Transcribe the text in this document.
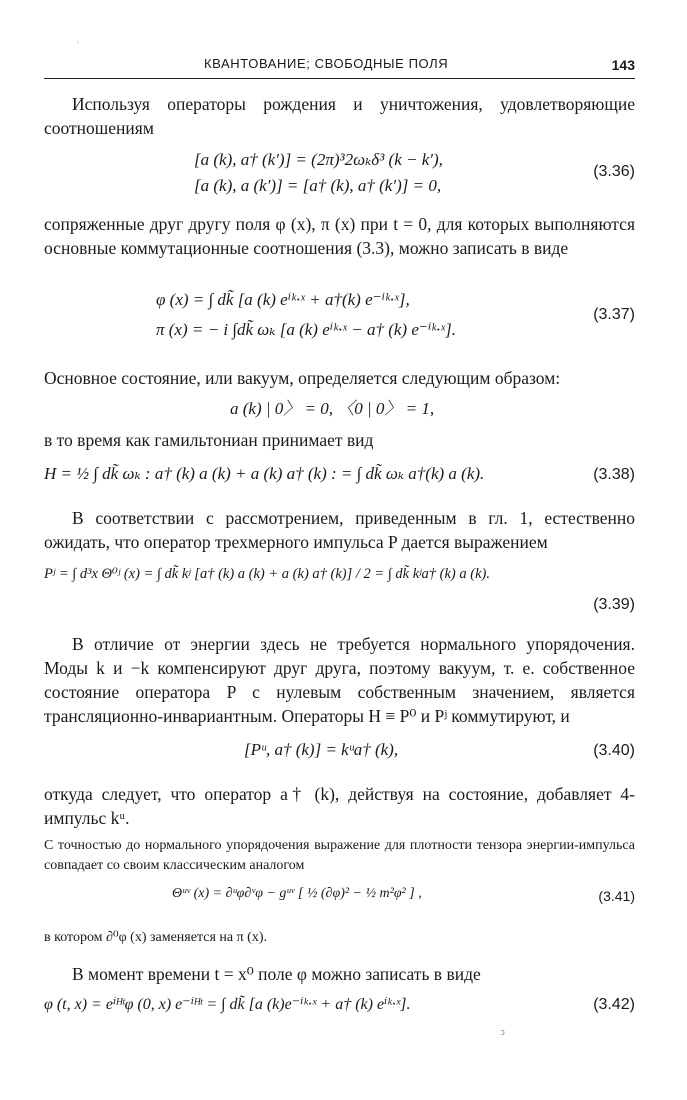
КВАНТОВАНИЕ; СВОБОДНЫЕ ПОЛЯ	143
ʾ

Используя операторы рождения и уничтожения, удовлетворяющие соотношениям

[a (k), a† (k′)] = (2π)³2ωₖδ³ (k − k′),
[a (k), a (k′)] = [a† (k), a† (k′)] = 0,
(3.36)

сопряженные друг другу поля φ (x), π (x) при t = 0, для которых выполняются основные коммутационные соотношения (3.3), можно записать в виде

φ (x) = ∫ dk̃ [a (k) eⁱᵏ·ˣ + a†(k) e⁻ⁱᵏ·ˣ],
π (x) = − i ∫dk̃ ωₖ [a (k) eⁱᵏ·ˣ − a† (k) e⁻ⁱᵏ·ˣ].
(3.37)

Основное состояние, или вакуум, определяется следующим образом:

a (k) | 0〉 = 0, 〈0 | 0〉 = 1,

в то время как гамильтониан принимает вид

H = ½ ∫ dk̃ ωₖ : a† (k) a (k) + a (k) a† (k) : = ∫ dk̃ ωₖ a†(k) a (k).	(3.38)

В соответствии с рассмотрением, приведенным в гл. 1, естественно ожидать, что оператор трехмерного импульса P дается выражением

Pʲ = ∫ d³x Θ⁰ʲ (x) = ∫ dk̃ kʲ [a† (k) a (k) + a (k) a† (k)] / 2 = ∫ dk̃ kʲa† (k) a (k).
(3.39)

В отличие от энергии здесь не требуется нормального упорядочения. Моды k и −k компенсируют друг друга, поэтому вакуум, т. е. собственное состояние оператора P с нулевым собственным значением, является трансляционно-инвариантным. Операторы H ≡ P⁰ и Pʲ коммутируют, и

[Pᵘ, a† (k)] = kᵘa† (k),	(3.40)

откуда следует, что оператор a† (k), действуя на состояние, добавляет 4- импульс kᵘ.

С точностью до нормального упорядочения выражение для плотности тензора энергии-импульса совпадает со своим классическим аналогом

Θᵘᵛ (x) = ∂ᵘφ∂ᵛφ − gᵘᵛ [ ½ (∂φ)² − ½ m²φ² ] ,	(3.41)

в котором ∂⁰φ (x) заменяется на π (x).

В момент времени t = x⁰ поле φ можно записать в виде

φ (t, x) = eⁱᴴᵗφ (0, x) e⁻ⁱᴴᵗ = ∫ dk̃ [a (k)e⁻ⁱᵏ·ˣ + a† (k) eⁱᵏ·ˣ].	(3.42)
ↄ
